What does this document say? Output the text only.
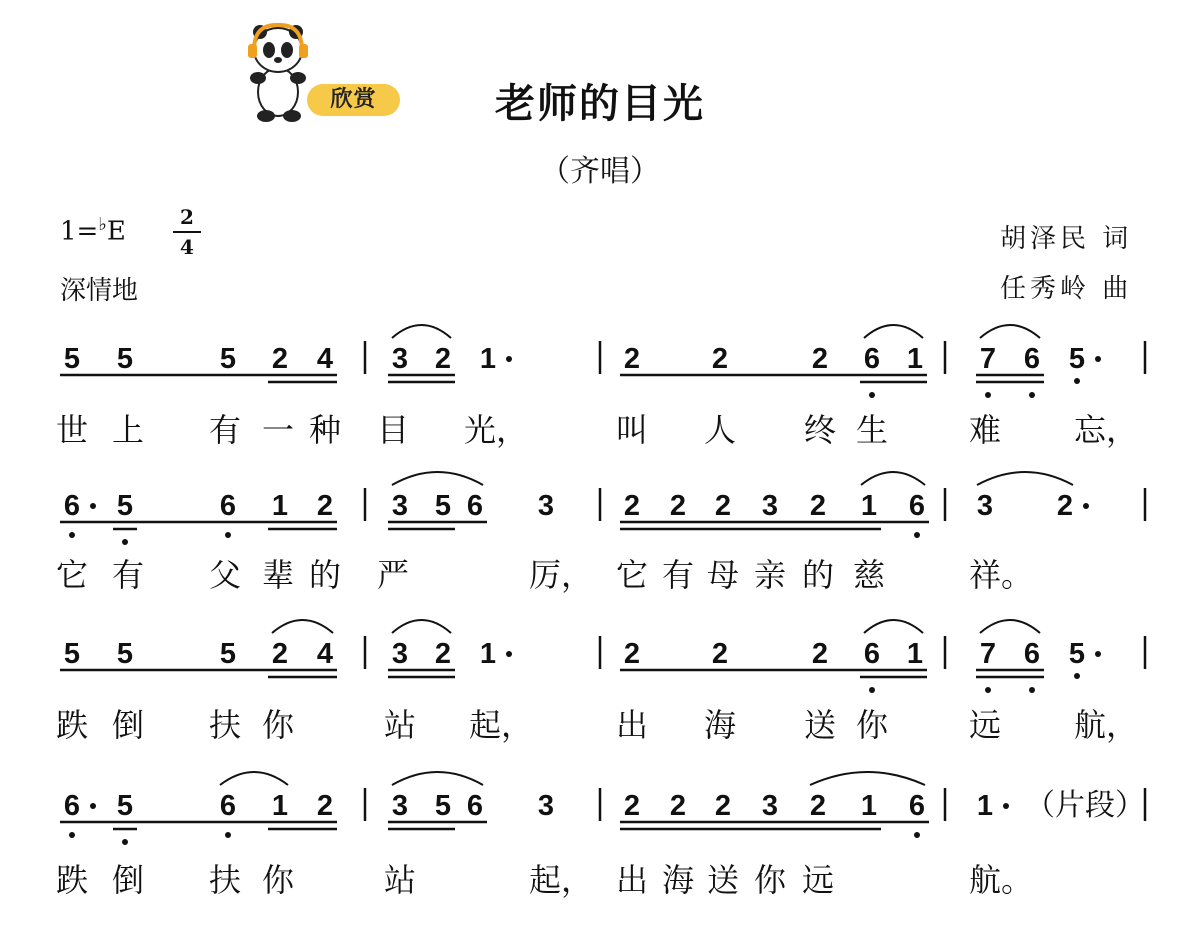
欣赏	老师的目光
（齐唱）
1=♭E	2
4
深情地
胡泽民 词
任秀岭 曲
5 5	5 2 4 3 2 1	2 2	2 6 1 7 6 5
世 上 有 一 种 目 光，	叫 人 终 生	难 忘，
6 5	6 1 2 3 5 6 3 2 2 2 3 2 1 6 3 2
它 有 父 辈 的 严	厉， 它 有 母 亲 的 慈	祥。
5 5	5 2 4 3 2 1	2 2	2 6 1 7 6 5
跌 倒 扶 你	站 起，	出 海 送 你	远 航，
6 5	6 1 2 3 5 6 3 2 2 2 3 2 1 6 1 （片段）
跌 倒 扶 你	站	起， 出 海 送 你 远	航。
